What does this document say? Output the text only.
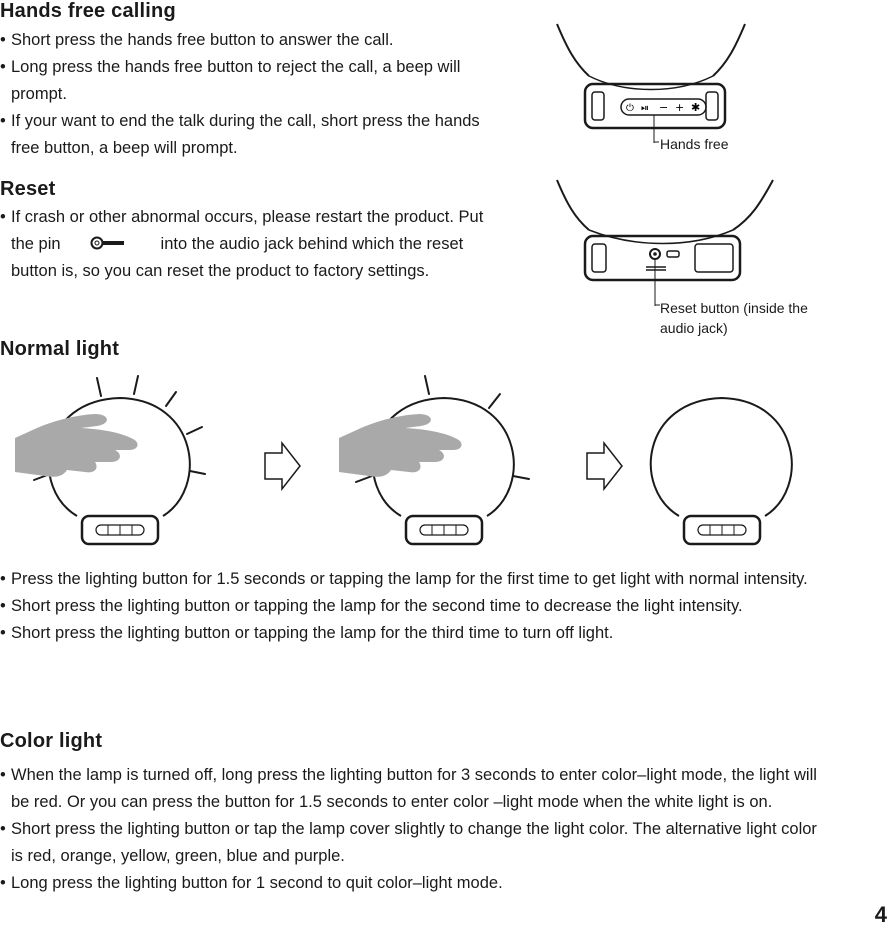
Hands free calling
• Short press the hands free button to answer the call.
• Long press the hands free button to reject the call, a beep will prompt.
• If your want to end the talk during the call, short press the hands free button, a beep will prompt.
⏻ ⏯ − + ✱
Hands free
Reset
• If crash or other abnormal occurs, please restart the product. Put the pin	into the audio jack behind which the reset button is, so you can reset the product to factory settings.
Reset button (inside the audio jack)
Normal light
• Press the lighting button for 1.5 seconds or tapping the lamp for the first time to get light with normal intensity.
• Short press the lighting button or tapping the lamp for the second time to decrease the light intensity.
• Short press the lighting button or tapping the lamp for the third time to turn off light.
Color light
• When the lamp is turned off, long press the lighting button for 3 seconds to enter color–light mode, the light will be red. Or you can press the button for 1.5 seconds to enter color –light mode when the white light is on.
• Short press the lighting button or tap the lamp cover slightly to change the light color. The alternative light color is red, orange, yellow, green, blue and purple.
• Long press the lighting button for 1 second to quit color–light mode.
4
